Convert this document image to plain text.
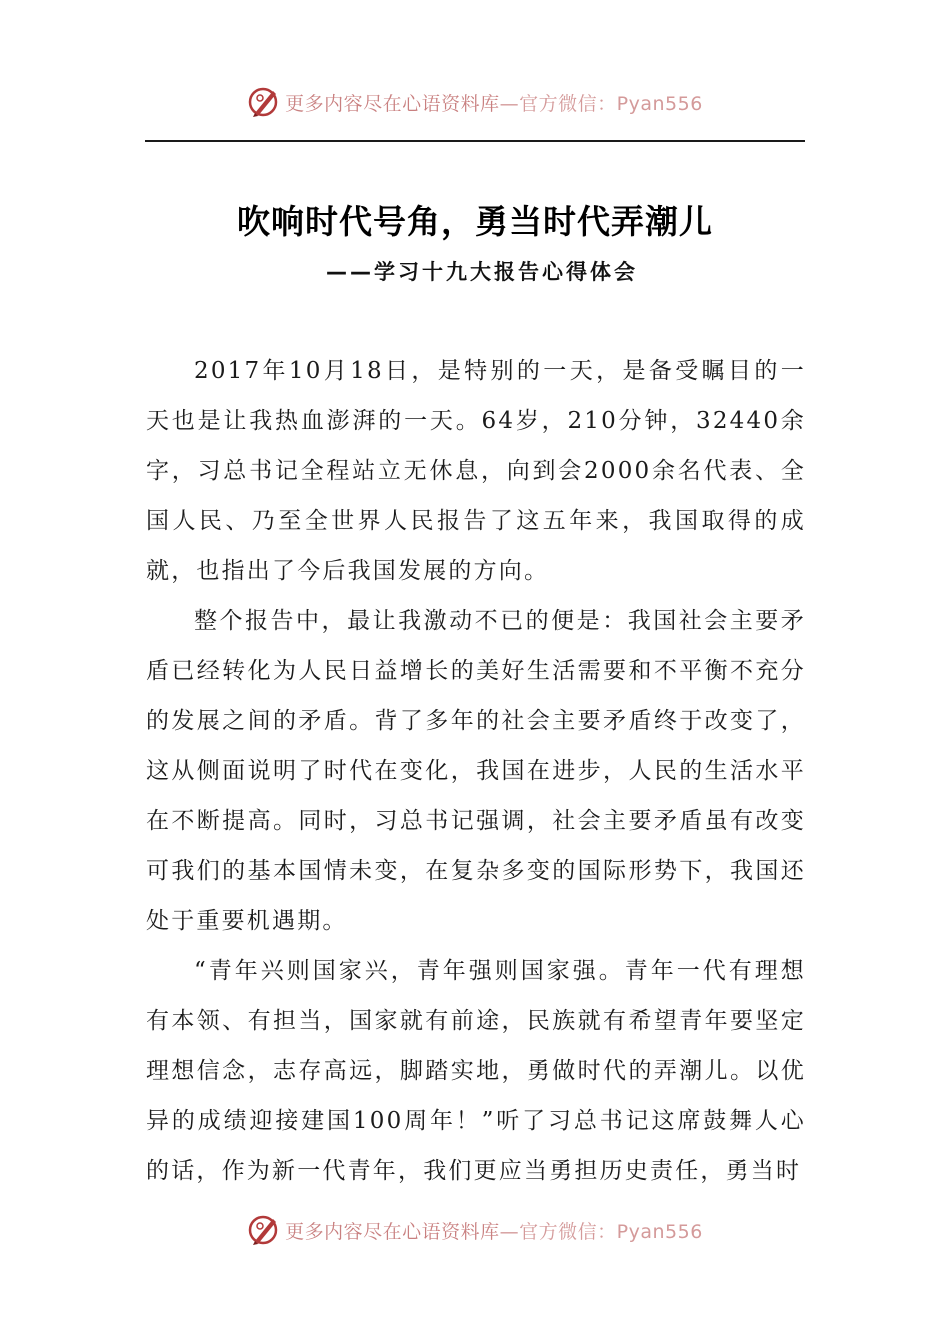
更多内容尽在心语资料库—官方微信：Pyan556
吹响时代号角，勇当时代弄潮儿
——学习十九大报告心得体会

2017年10月18日，是特别的一天，是备受瞩目的一天也是让我热血澎湃的一天。64岁，210分钟，32440余字，习总书记全程站立无休息，向到会2000余名代表、全国人民、乃至全世界人民报告了这五年来，我国取得的成就，也指出了今后我国发展的方向。

整个报告中，最让我激动不已的便是：我国社会主要矛盾已经转化为人民日益增长的美好生活需要和不平衡不充分的发展之间的矛盾。背了多年的社会主要矛盾终于改变了，这从侧面说明了时代在变化，我国在进步，人民的生活水平在不断提高。同时，习总书记强调，社会主要矛盾虽有改变可我们的基本国情未变，在复杂多变的国际形势下，我国还处于重要机遇期。

“青年兴则国家兴，青年强则国家强。青年一代有理想有本领、有担当，国家就有前途，民族就有希望青年要坚定理想信念，志存高远，脚踏实地，勇做时代的弄潮儿。以优异的成绩迎接建国100周年！”听了习总书记这席鼓舞人心的话，作为新一代青年，我们更应当勇担历史责任，勇当时

更多内容尽在心语资料库—官方微信：Pyan556
